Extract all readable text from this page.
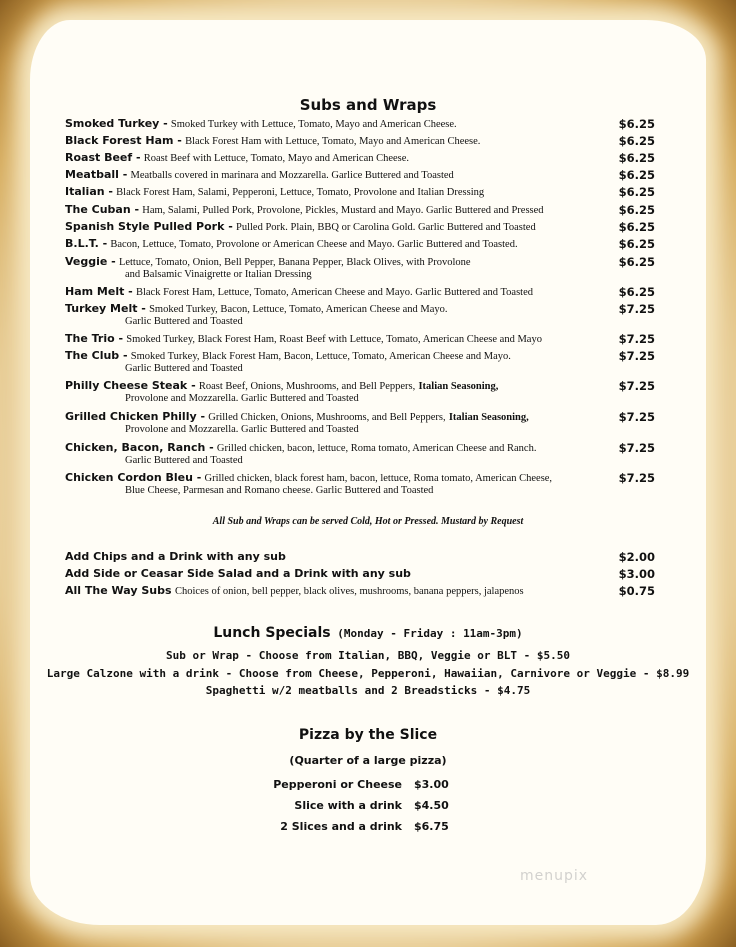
Subs and Wraps
Smoked Turkey - Smoked Turkey with Lettuce, Tomato, Mayo and American Cheese.	$6.25
Black Forest Ham - Black Forest Ham with Lettuce, Tomato, Mayo and American Cheese.	$6.25
Roast Beef - Roast Beef with Lettuce, Tomato, Mayo and American Cheese.	$6.25
Meatball - Meatballs covered in marinara and Mozzarella. Garlice Buttered and Toasted	$6.25
Italian - Black Forest Ham, Salami, Pepperoni, Lettuce, Tomato, Provolone and Italian Dressing	$6.25
The Cuban - Ham, Salami, Pulled Pork, Provolone, Pickles, Mustard and Mayo. Garlic Buttered and Pressed	$6.25
Spanish Style Pulled Pork - Pulled Pork. Plain, BBQ or Carolina Gold. Garlic Buttered and Toasted	$6.25
B.L.T. - Bacon, Lettuce, Tomato, Provolone or American Cheese and Mayo. Garlic Buttered and Toasted.	$6.25
Veggie - Lettuce, Tomato, Onion, Bell Pepper, Banana Pepper, Black Olives, with Provolone
and Balsamic Vinaigrette or Italian Dressing
$6.25
Ham Melt - Black Forest Ham, Lettuce, Tomato, American Cheese and Mayo. Garlic Buttered and Toasted	$6.25
Turkey Melt - Smoked Turkey, Bacon, Lettuce, Tomato, American Cheese and Mayo.
Garlic Buttered and Toasted
$7.25
The Trio - Smoked Turkey, Black Forest Ham, Roast Beef with Lettuce, Tomato, American Cheese and Mayo	$7.25
The Club - Smoked Turkey, Black Forest Ham, Bacon, Lettuce, Tomato, American Cheese and Mayo.
Garlic Buttered and Toasted
$7.25
Philly Cheese Steak - Roast Beef, Onions, Mushrooms, and Bell Peppers, Italian Seasoning,
Provolone and Mozzarella. Garlic Buttered and Toasted
$7.25
Grilled Chicken Philly - Grilled Chicken, Onions, Mushrooms, and Bell Peppers, Italian Seasoning,
Provolone and Mozzarella. Garlic Buttered and Toasted
$7.25
Chicken, Bacon, Ranch - Grilled chicken, bacon, lettuce, Roma tomato, American Cheese and Ranch.
Garlic Buttered and Toasted
$7.25
Chicken Cordon Bleu - Grilled chicken, black forest ham, bacon, lettuce, Roma tomato, American Cheese,
Blue Cheese, Parmesan and Romano cheese. Garlic Buttered and Toasted
$7.25
All Sub and Wraps can be served Cold, Hot or Pressed. Mustard by Request
Add Chips and a Drink with any sub	$2.00
Add Side or Ceasar Side Salad and a Drink with any sub	$3.00
All The Way Subs Choices of onion, bell pepper, black olives, mushrooms, banana peppers, jalapenos	$0.75
Lunch Specials (Monday - Friday : 11am-3pm)
Sub or Wrap - Choose from Italian, BBQ, Veggie or BLT - $5.50
Large Calzone with a drink - Choose from Cheese, Pepperoni, Hawaiian, Carnivore or Veggie - $8.99
Spaghetti w/2 meatballs and 2 Breadsticks - $4.75
Pizza by the Slice
(Quarter of a large pizza)
Pepperoni or Cheese $3.00
Slice with a drink $4.50
2 Slices and a drink $6.75
menupix
